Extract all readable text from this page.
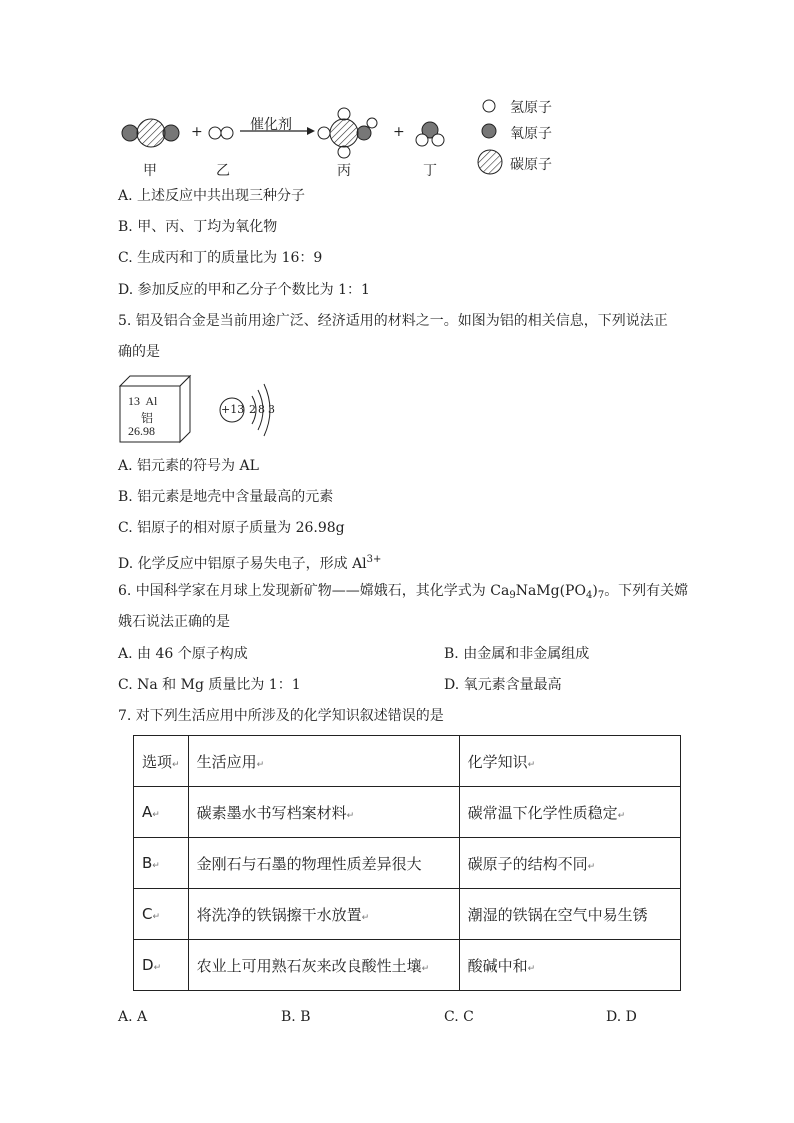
+	+
催化剂
甲	乙	丙	丁
氢原子
氧原子
碳原子
A. 上述反应中共出现三种分子
B. 甲、丙、丁均为氧化物
C. 生成丙和丁的质量比为 16：9
D. 参加反应的甲和乙分子个数比为 1：1
5. 铝及铝合金是当前用途广泛、经济适用的材料之一。如图为铝的相关信息，下列说法正
确的是
13 Al
铝
26.98
+13 2 8 3
A. 铝元素的符号为 AL
B. 铝元素是地壳中含量最高的元素
C. 铝原子的相对原子质量为 26.98g
D. 化学反应中铝原子易失电子，形成 $Al^{3+}$
6. 中国科学家在月球上发现新矿物——嫦娥石，其化学式为 $Ca_9NaMg(PO_4)_7$。下列有关嫦
娥石说法正确的是
A. 由 46 个原子构成	B. 由金属和非金属组成
C. Na 和 Mg 质量比为 1：1	D. 氧元素含量最高
7. 对下列生活应用中所涉及的化学知识叙述错误的是
选项↵	生活应用↵	化学知识↵
A↵	碳素墨水书写档案材料↵	碳常温下化学性质稳定↵
B↵	金刚石与石墨的物理性质差异很大	碳原子的结构不同↵
C↵	将洗净的铁锅擦干水放置↵	潮湿的铁锅在空气中易生锈
D↵	农业上可用熟石灰来改良酸性土壤↵	酸碱中和↵
A. A	B. B	C. C	D. D
